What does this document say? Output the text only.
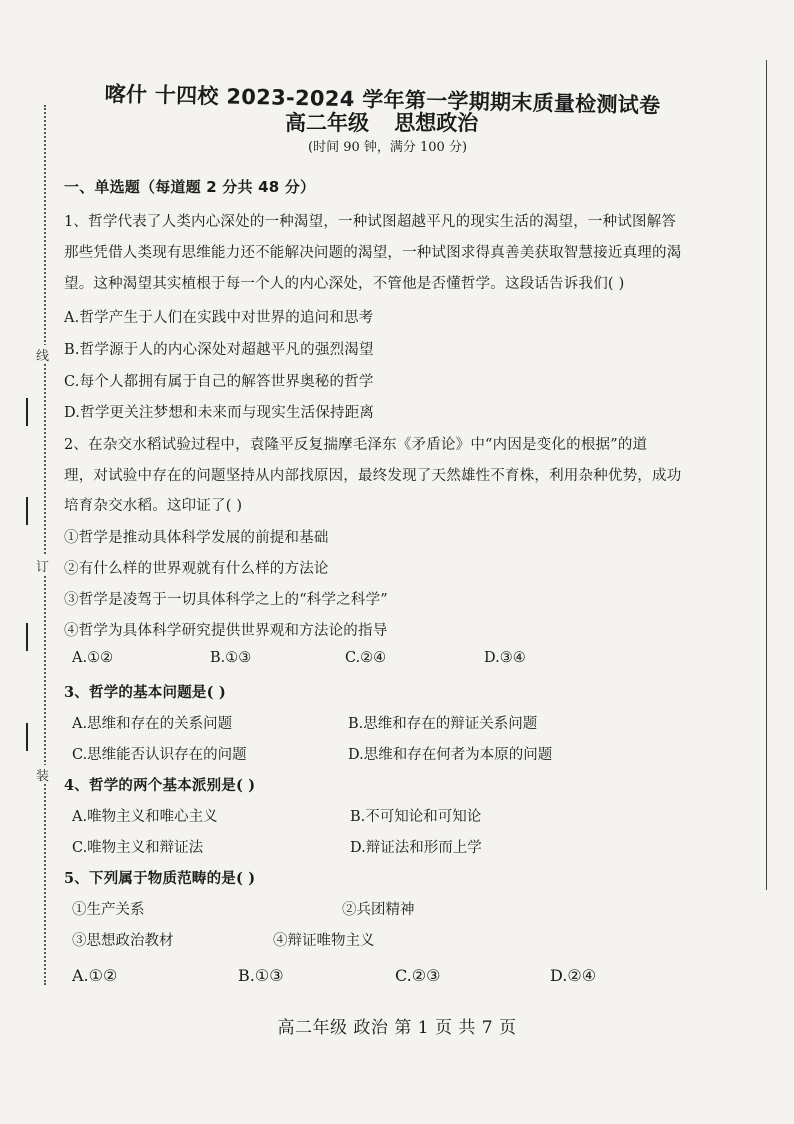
线
订
装
喀什 十四校 2023-2024 学年第一学期期末质量检测试卷
高二年级 思想政治
(时间 90 钟，满分 100 分)
一、单选题（每道题 2 分共 48 分）
1、哲学代表了人类内心深处的一种渴望，一种试图超越平凡的现实生活的渴望，一种试图解答
那些凭借人类现有思维能力还不能解决问题的渴望，一种试图求得真善美获取智慧接近真理的渴
望。这种渴望其实植根于每一个人的内心深处，不管他是否懂哲学。这段话告诉我们( )
A.哲学产生于人们在实践中对世界的追问和思考
B.哲学源于人的内心深处对超越平凡的强烈渴望
C.每个人都拥有属于自己的解答世界奥秘的哲学
D.哲学更关注梦想和未来而与现实生活保持距离
2、在杂交水稻试验过程中，袁隆平反复揣摩毛泽东《矛盾论》中“内因是变化的根据”的道
理，对试验中存在的问题坚持从内部找原因，最终发现了天然雄性不育株，利用杂种优势，成功
培育杂交水稻。这印证了( )
①哲学是推动具体科学发展的前提和基础
②有什么样的世界观就有什么样的方法论
③哲学是凌驾于一切具体科学之上的“科学之科学”
④哲学为具体科学研究提供世界观和方法论的指导
A.①②	B.①③	C.②④	D.③④
3、哲学的基本问题是( )
A.思维和存在的关系问题	B.思维和存在的辩证关系问题
C.思维能否认识存在的问题	D.思维和存在何者为本原的问题
4、哲学的两个基本派别是( )
A.唯物主义和唯心主义	B.不可知论和可知论
C.唯物主义和辩证法	D.辩证法和形而上学
5、下列属于物质范畴的是( )
①生产关系	②兵团精神
③思想政治教材	④辩证唯物主义
A.①②	B.①③	C.②③	D.②④
高二年级 政治 第 1 页 共 7 页
